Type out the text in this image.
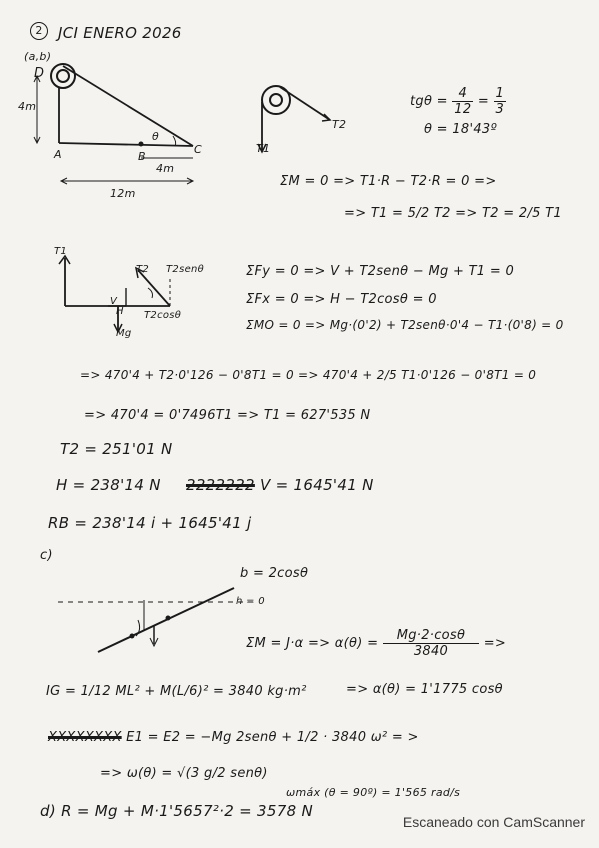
2	JCI ENERO 2026
(a,b)
D
4m
A
θ
B
C
4m
12m
T1
T2
$tg\theta = \frac{4}{12} = \frac{1}{3}$
θ = 18'43º
ΣM = 0 => T1·R − T2·R = 0 =>
=> T1 = 5/2 T2 => T2 = 2/5 T1
T1
T2 T2senθ
V
H
Mg
T2cosθ
ΣFy = 0 => V + T2senθ − Mg + T1 = 0
ΣFx = 0 => H − T2cosθ = 0
ΣMO = 0 => Mg·(0'2) + T2senθ·0'4 − T1·(0'8) = 0
=> 470'4 + T2·0'126 − 0'8T1 = 0 => 470'4 + 2/5 T1·0'126 − 0'8T1 = 0
=> 470'4 = 0'7496T1 => T1 = 627'535 N
T2 = 251'01 N
H = 238'14 N 2222222 V = 1645'41 N
RB = 238'14 i + 1645'41 j
c)
b = 2cosθ
h = 0
$\Sigma M = J\cdot\alpha => \alpha(\theta) = \frac{Mg\cdot 2\cdot\cos\theta}{3840}$ =>
IG = 1/12 ML² + M(L/6)² = 3840 kg·m²	=> α(θ) = 1'1775 cosθ
XXXXXXXX E1 = E2 = −Mg 2senθ + 1/2 · 3840 ω² = >
=> ω(θ) = √(3 g/2 senθ)
ωmáx (θ = 90º) = 1'565 rad/s
d) R = Mg + M·1'5657²·2 = 3578 N
Escaneado con CamScanner
